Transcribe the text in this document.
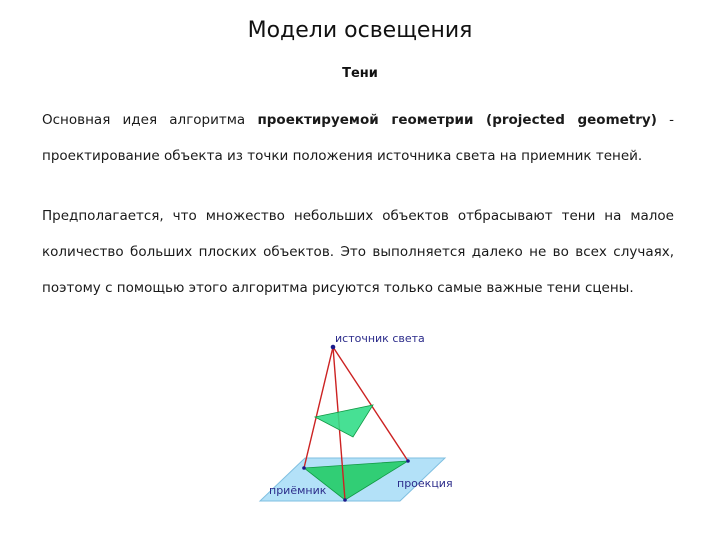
Модели освещения
Тени

Основная идея алгоритма проектируемой геометрии (projected geometry) - проектирование объекта из точки положения источника света на приемник теней.

Предполагается, что множество небольших объектов отбрасывают тени на малое количество больших плоских объектов. Это выполняется далеко не во всех случаях, поэтому с помощью этого алгоритма рисуются только самые важные тени сцены.

источник света
приёмник
проекция
